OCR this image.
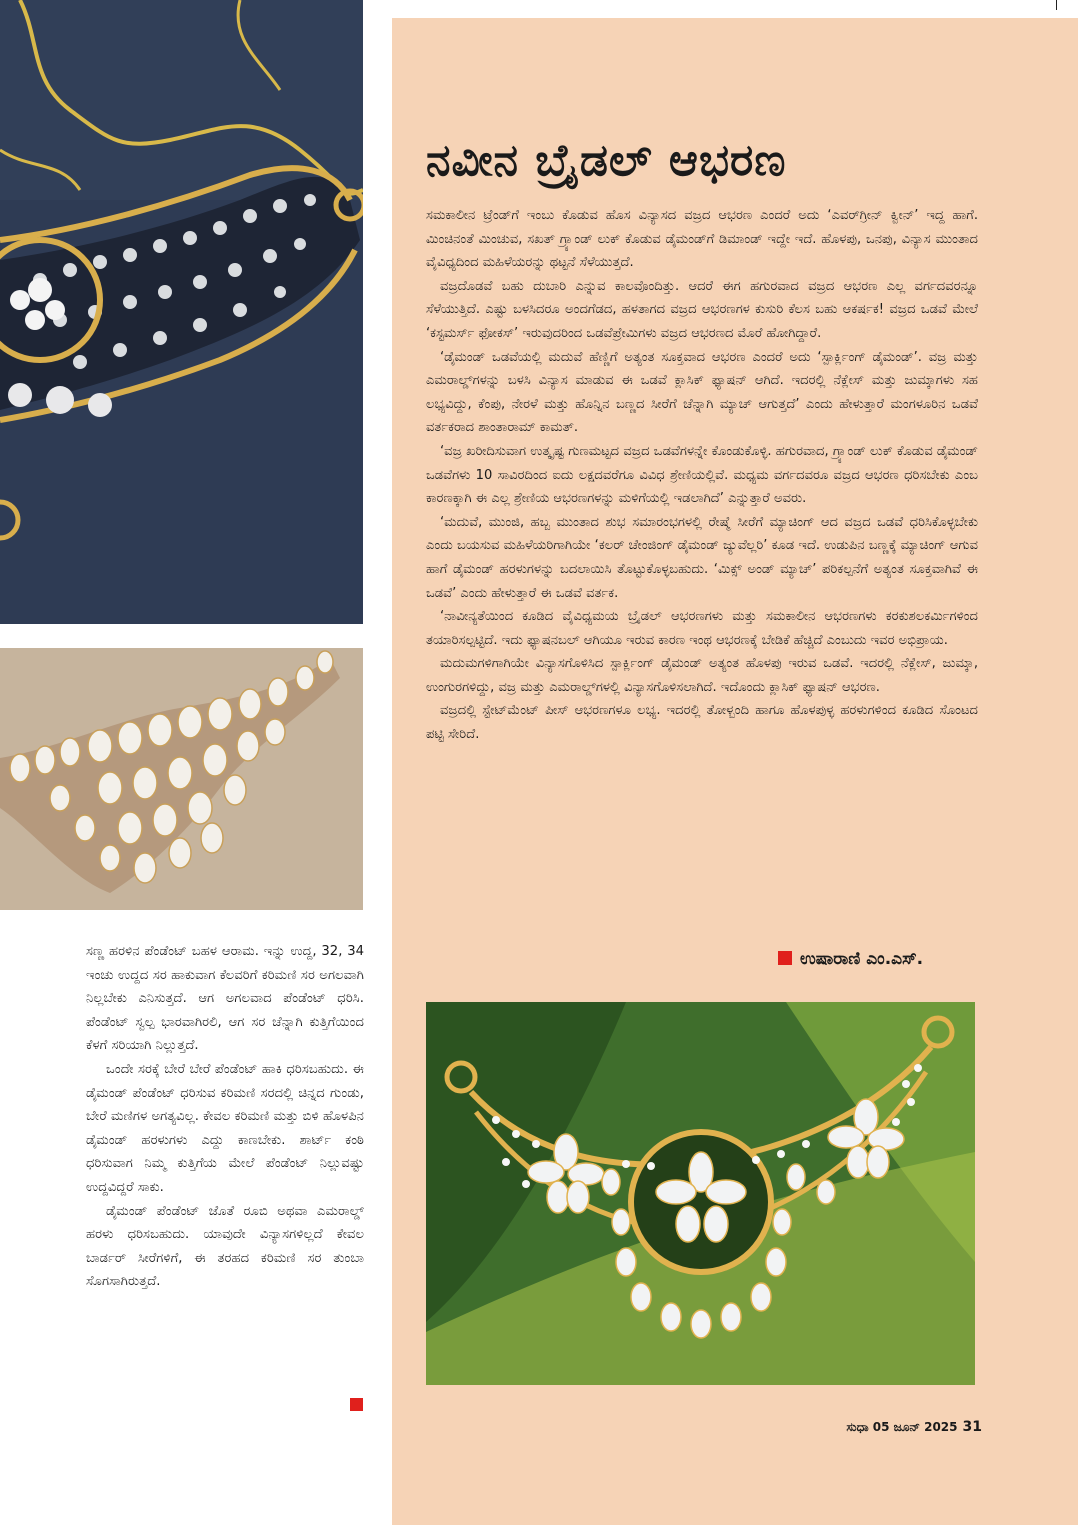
ಸಣ್ಣ ಹರಳಿನ ಪೆಂಡೆಂಟ್ ಬಹಳ ಆರಾಮ. ಇನ್ನು ಉದ್ದ, 32, 34 ಇಂಚು ಉದ್ದದ ಸರ ಹಾಕುವಾಗ ಕೆಲವರಿಗೆ ಕರಿಮಣಿ ಸರ ಅಗಲವಾಗಿ ನಿಲ್ಲಬೇಕು ಎನಿಸುತ್ತದೆ. ಆಗ ಅಗಲವಾದ ಪೆಂಡೆಂಟ್ ಧರಿಸಿ. ಪೆಂಡೆಂಟ್ ಸ್ವಲ್ಪ ಭಾರವಾಗಿರಲಿ, ಆಗ ಸರ ಚೆನ್ನಾಗಿ ಕುತ್ತಿಗೆಯಿಂದ ಕೆಳಗೆ ಸರಿಯಾಗಿ ನಿಲ್ಲುತ್ತದೆ.

ಒಂದೇ ಸರಕ್ಕೆ ಬೇರೆ ಬೇರೆ ಪೆಂಡೆಂಟ್ ಹಾಕಿ ಧರಿಸಬಹುದು. ಈ ಡೈಮಂಡ್ ಪೆಂಡೆಂಟ್ ಧರಿಸುವ ಕರಿಮಣಿ ಸರದಲ್ಲಿ ಚಿನ್ನದ ಗುಂಡು, ಬೇರೆ ಮಣಿಗಳ ಅಗತ್ಯವಿಲ್ಲ. ಕೇವಲ ಕರಿಮಣಿ ಮತ್ತು ಬಿಳಿ ಹೊಳಪಿನ ಡೈಮಂಡ್ ಹರಳುಗಳು ಎದ್ದು ಕಾಣಬೇಕು. ಶಾರ್ಟ್ ಕಂಠಿ ಧರಿಸುವಾಗ ನಿಮ್ಮ ಕುತ್ತಿಗೆಯ ಮೇಲೆ ಪೆಂಡೆಂಟ್ ನಿಲ್ಲುವಷ್ಟು ಉದ್ದವಿದ್ದರೆ ಸಾಕು.

ಡೈಮಂಡ್ ಪೆಂಡೆಂಟ್ ಜೊತೆ ರೂಬಿ ಅಥವಾ ಎಮರಾಲ್ಡ್ ಹರಳು ಧರಿಸಬಹುದು. ಯಾವುದೇ ವಿನ್ಯಾಸಗಳಿಲ್ಲದೆ ಕೇವಲ ಬಾರ್ಡರ್ ಸೀರೆಗಳಿಗೆ, ಈ ತರಹದ ಕರಿಮಣಿ ಸರ ತುಂಬಾ ಸೊಗಸಾಗಿರುತ್ತದೆ.

ನವೀನ ಬ್ರೈಡಲ್ ಆಭರಣ

ಸಮಕಾಲೀನ ಟ್ರೆಂಡ್‌ಗೆ ಇಂಬು ಕೊಡುವ ಹೊಸ ವಿನ್ಯಾಸದ ವಜ್ರದ ಆಭರಣ ಎಂದರೆ ಅದು ‘ಎವರ್‌ಗ್ರೀನ್ ಕ್ವೀನ್’ ಇದ್ದ ಹಾಗೆ. ಮಿಂಚಿನಂತೆ ಮಿಂಚುವ, ಸಖತ್ ಗ್ರ್ಯಾಂಡ್ ಲುಕ್ ಕೊಡುವ ಡೈಮಂಡ್‌ಗೆ ಡಿಮಾಂಡ್ ಇದ್ದೇ ಇದೆ. ಹೊಳಪು, ಒನಪು, ವಿನ್ಯಾಸ ಮುಂತಾದ ವೈವಿಧ್ಯದಿಂದ ಮಹಿಳೆಯರನ್ನು ಥಟ್ಟನೆ ಸೆಳೆಯುತ್ತದೆ.

ವಜ್ರದೊಡವೆ ಬಹು ದುಬಾರಿ ಎನ್ನುವ ಕಾಲವೊಂದಿತ್ತು. ಆದರೆ ಈಗ ಹಗುರವಾದ ವಜ್ರದ ಆಭರಣ ಎಲ್ಲ ವರ್ಗದವರನ್ನೂ ಸೆಳೆಯುತ್ತಿದೆ. ಎಷ್ಟು ಬಳಸಿದರೂ ಅಂದಗೆಡದ, ಹಳತಾಗದ ವಜ್ರದ ಆಭರಣಗಳ ಕುಸುರಿ ಕೆಲಸ ಬಹು ಆಕರ್ಷಕ! ವಜ್ರದ ಒಡವೆ ಮೇಲೆ ‘ಕಸ್ಟಮರ್ಸ್ ಫೋಕಸ್’ ಇರುವುದರಿಂದ ಒಡವೆಪ್ರೇಮಿಗಳು ವಜ್ರದ ಆಭರಣದ ಮೊರೆ ಹೋಗಿದ್ದಾರೆ.

‘ಡೈಮಂಡ್ ಒಡವೆಯಲ್ಲಿ ಮದುವೆ ಹೆಣ್ಣಿಗೆ ಅತ್ಯಂತ ಸೂಕ್ತವಾದ ಆಭರಣ ಎಂದರೆ ಅದು ‘ಸ್ಪಾರ್ಕ್ಲಿಂಗ್ ಡೈಮಂಡ್’. ವಜ್ರ ಮತ್ತು ಎಮರಾಲ್ಡ್‌ಗಳನ್ನು ಬಳಸಿ ವಿನ್ಯಾಸ ಮಾಡುವ ಈ ಒಡವೆ ಕ್ಲಾಸಿಕ್ ಫ್ಯಾಷನ್ ಆಗಿದೆ. ಇದರಲ್ಲಿ ನೆಕ್ಲೇಸ್ ಮತ್ತು ಜುಮ್ಕಾಗಳು ಸಹ ಲಭ್ಯವಿದ್ದು, ಕೆಂಪು, ನೇರಳೆ ಮತ್ತು ಹೊನ್ನಿನ ಬಣ್ಣದ ಸೀರೆಗೆ ಚೆನ್ನಾಗಿ ಮ್ಯಾಚ್ ಆಗುತ್ತದೆ’ ಎಂದು ಹೇಳುತ್ತಾರೆ ಮಂಗಳೂರಿನ ಒಡವೆ ವರ್ತಕರಾದ ಶಾಂತಾರಾಮ್ ಕಾಮತ್.

‘ವಜ್ರ ಖರೀದಿಸುವಾಗ ಉತ್ಕೃಷ್ಟ ಗುಣಮಟ್ಟದ ವಜ್ರದ ಒಡವೆಗಳನ್ನೇ ಕೊಂಡುಕೊಳ್ಳಿ. ಹಗುರವಾದ, ಗ್ರ್ಯಾಂಡ್ ಲುಕ್ ಕೊಡುವ ಡೈಮಂಡ್ ಒಡವೆಗಳು 10 ಸಾವಿರದಿಂದ ಐದು ಲಕ್ಷದವರೆಗೂ ವಿವಿಧ ಶ್ರೇಣಿಯಲ್ಲಿವೆ. ಮಧ್ಯಮ ವರ್ಗದವರೂ ವಜ್ರದ ಆಭರಣ ಧರಿಸಬೇಕು ಎಂಬ ಕಾರಣಕ್ಕಾಗಿ ಈ ಎಲ್ಲ ಶ್ರೇಣಿಯ ಆಭರಣಗಳನ್ನು ಮಳಿಗೆಯಲ್ಲಿ ಇಡಲಾಗಿದೆ’ ಎನ್ನುತ್ತಾರೆ ಅವರು.

‘ಮದುವೆ, ಮುಂಜಿ, ಹಬ್ಬ ಮುಂತಾದ ಶುಭ ಸಮಾರಂಭಗಳಲ್ಲಿ ರೇಷ್ಮೆ ಸೀರೆಗೆ ಮ್ಯಾಚಿಂಗ್ ಆದ ವಜ್ರದ ಒಡವೆ ಧರಿಸಿಕೊಳ್ಳಬೇಕು ಎಂದು ಬಯಸುವ ಮಹಿಳೆಯರಿಗಾಗಿಯೇ ‘ಕಲರ್ ಚೇಂಜಿಂಗ್ ಡೈಮಂಡ್ ಜ್ಯುವೆಲ್ಲರಿ’ ಕೂಡ ಇದೆ. ಉಡುಪಿನ ಬಣ್ಣಕ್ಕೆ ಮ್ಯಾಚಿಂಗ್ ಆಗುವ ಹಾಗೆ ಡೈಮಂಡ್ ಹರಳುಗಳನ್ನು ಬದಲಾಯಿಸಿ ತೊಟ್ಟುಕೊಳ್ಳಬಹುದು. ‘ಮಿಕ್ಸ್ ಅಂಡ್ ಮ್ಯಾಚ್’ ಪರಿಕಲ್ಪನೆಗೆ ಅತ್ಯಂತ ಸೂಕ್ತವಾಗಿವೆ ಈ ಒಡವೆ’ ಎಂದು ಹೇಳುತ್ತಾರೆ ಈ ಒಡವೆ ವರ್ತಕ.

‘ನಾವೀನ್ಯತೆಯಿಂದ ಕೂಡಿದ ವೈವಿಧ್ಯಮಯ ಬ್ರೈಡಲ್ ಆಭರಣಗಳು ಮತ್ತು ಸಮಕಾಲೀನ ಆಭರಣಗಳು ಕರಕುಶಲಕರ್ಮಿಗಳಿಂದ ತಯಾರಿಸಲ್ಪಟ್ಟಿದೆ. ಇದು ಫ್ಯಾಷನಬಲ್ ಆಗಿಯೂ ಇರುವ ಕಾರಣ ಇಂಥ ಆಭರಣಕ್ಕೆ ಬೇಡಿಕೆ ಹೆಚ್ಚಿದೆ ಎಂಬುದು ಇವರ ಅಭಿಪ್ರಾಯ.

ಮದುಮಗಳಿಗಾಗಿಯೇ ವಿನ್ಯಾಸಗೊಳಿಸಿದ ಸ್ಪಾರ್ಕ್ಲಿಂಗ್ ಡೈಮಂಡ್ ಅತ್ಯಂತ ಹೊಳಪು ಇರುವ ಒಡವೆ. ಇದರಲ್ಲಿ ನೆಕ್ಲೇಸ್, ಜುಮ್ಕಾ, ಉಂಗುರಗಳಿದ್ದು, ವಜ್ರ ಮತ್ತು ಎಮರಾಲ್ಡ್‌ಗಳಲ್ಲಿ ವಿನ್ಯಾಸಗೊಳಿಸಲಾಗಿದೆ. ಇದೊಂದು ಕ್ಲಾಸಿಕ್ ಫ್ಯಾಷನ್ ಆಭರಣ.

ವಜ್ರದಲ್ಲಿ ಸ್ಟೇಟ್‌ಮೆಂಟ್ ಪೀಸ್ ಆಭರಣಗಳೂ ಲಭ್ಯ. ಇದರಲ್ಲಿ ತೋಳ್ಬಂದಿ ಹಾಗೂ ಹೊಳಪುಳ್ಳ ಹರಳುಗಳಿಂದ ಕೂಡಿದ ಸೊಂಟದ ಪಟ್ಟಿ ಸೇರಿದೆ.

ಉಷಾರಾಣಿ ಎಂ.ಎಸ್.
ಸುಧಾ 05 ಜೂನ್ 2025 31
